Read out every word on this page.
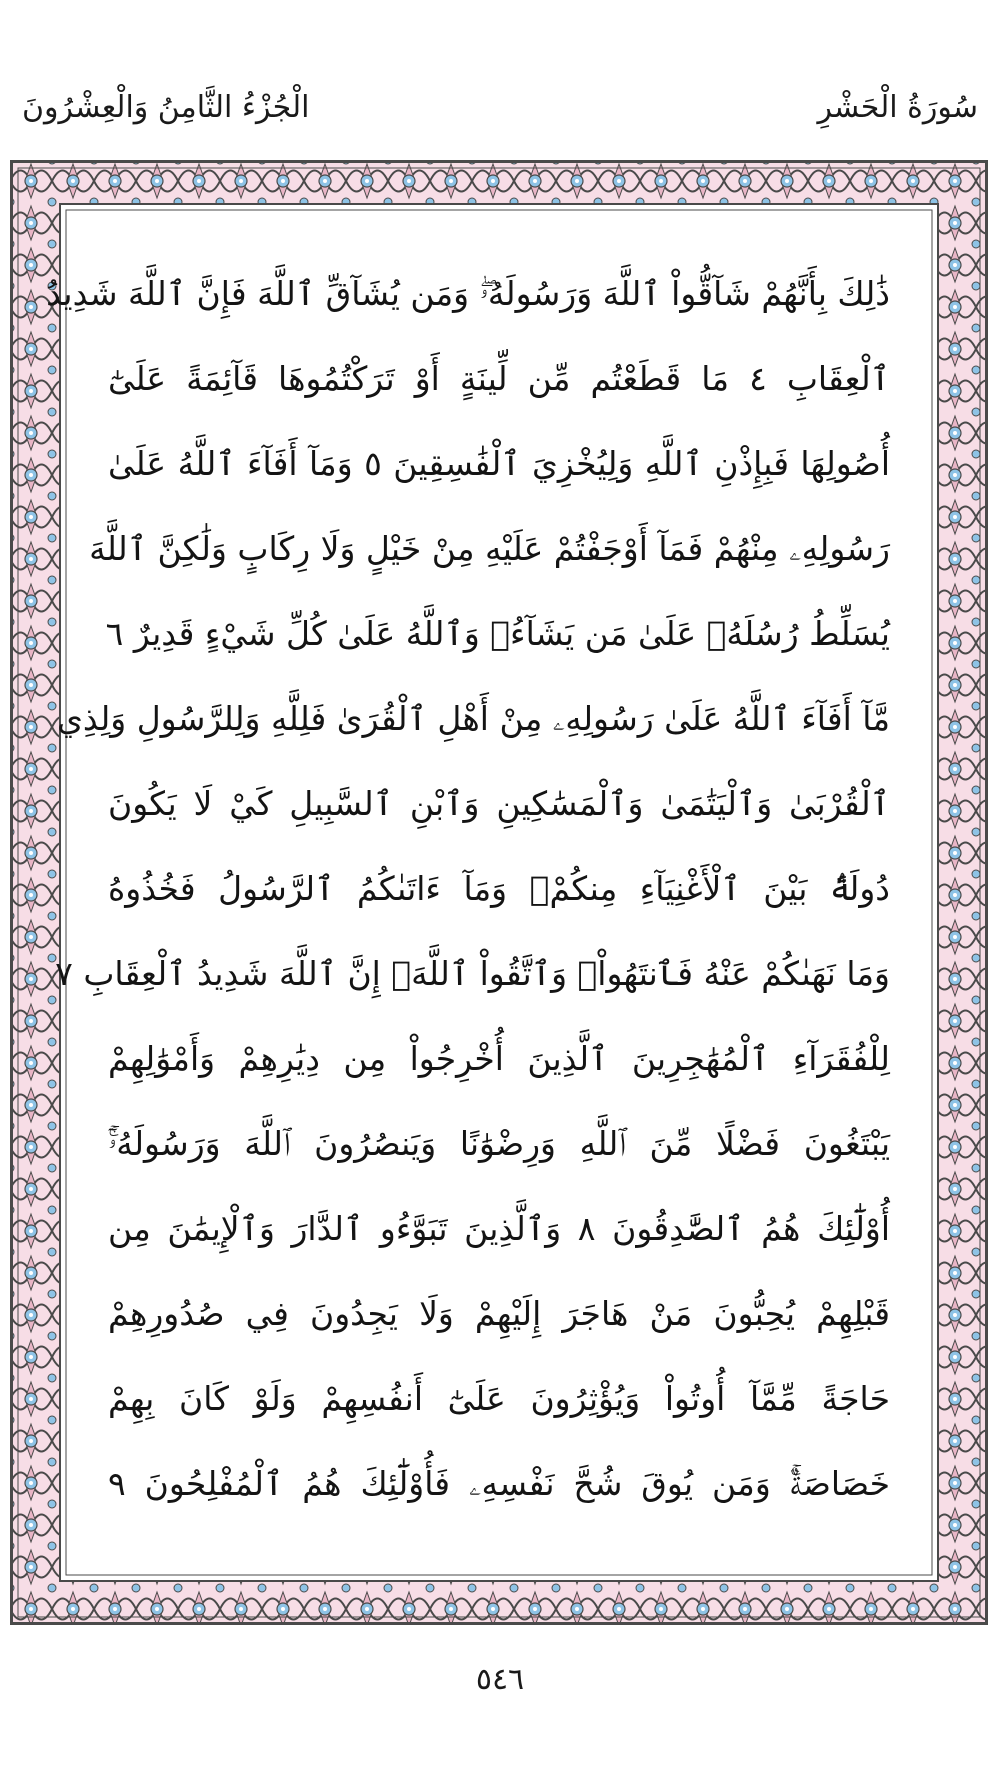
سُورَةُ الْحَشْرِ
الْجُزْءُ الثَّامِنُ وَالْعِشْرُونَ
ذَٰلِكَ بِأَنَّهُمْ شَآقُّواْ ٱللَّهَ وَرَسُولَهُۥۖ وَمَن يُشَآقِّ ٱللَّهَ فَإِنَّ ٱللَّهَ شَدِيدُ
ٱلْعِقَابِ ٤ مَا قَطَعْتُم مِّن لِّينَةٍ أَوْ تَرَكْتُمُوهَا قَآئِمَةً عَلَىٰٓ
أُصُولِهَا فَبِإِذْنِ ٱللَّهِ وَلِيُخْزِيَ ٱلْفَٰسِقِينَ ٥ وَمَآ أَفَآءَ ٱللَّهُ عَلَىٰ
رَسُولِهِۦ مِنْهُمْ فَمَآ أَوْجَفْتُمْ عَلَيْهِ مِنْ خَيْلٍ وَلَا رِكَابٍ وَلَٰكِنَّ ٱللَّهَ
يُسَلِّطُ رُسُلَهُۥ عَلَىٰ مَن يَشَآءُۚ وَٱللَّهُ عَلَىٰ كُلِّ شَيْءٍ قَدِيرٌ ٦
مَّآ أَفَآءَ ٱللَّهُ عَلَىٰ رَسُولِهِۦ مِنْ أَهْلِ ٱلْقُرَىٰ فَلِلَّهِ وَلِلرَّسُولِ وَلِذِي
ٱلْقُرْبَىٰ وَٱلْيَتَٰمَىٰ وَٱلْمَسَٰكِينِ وَٱبْنِ ٱلسَّبِيلِ كَيْ لَا يَكُونَ
دُولَةًۢ بَيْنَ ٱلْأَغْنِيَآءِ مِنكُمْۚ وَمَآ ءَاتَىٰكُمُ ٱلرَّسُولُ فَخُذُوهُ
وَمَا نَهَىٰكُمْ عَنْهُ فَٱنتَهُواْۚ وَٱتَّقُواْ ٱللَّهَۖ إِنَّ ٱللَّهَ شَدِيدُ ٱلْعِقَابِ ٧
لِلْفُقَرَآءِ ٱلْمُهَٰجِرِينَ ٱلَّذِينَ أُخْرِجُواْ مِن دِيَٰرِهِمْ وَأَمْوَٰلِهِمْ
يَبْتَغُونَ فَضْلًا مِّنَ ٱللَّهِ وَرِضْوَٰنًا وَيَنصُرُونَ ٱللَّهَ وَرَسُولَهُۥٓۚ
أُوْلَٰٓئِكَ هُمُ ٱلصَّٰدِقُونَ ٨ وَٱلَّذِينَ تَبَوَّءُو ٱلدَّارَ وَٱلْإِيمَٰنَ مِن
قَبْلِهِمْ يُحِبُّونَ مَنْ هَاجَرَ إِلَيْهِمْ وَلَا يَجِدُونَ فِي صُدُورِهِمْ
حَاجَةً مِّمَّآ أُوتُواْ وَيُؤْثِرُونَ عَلَىٰٓ أَنفُسِهِمْ وَلَوْ كَانَ بِهِمْ
خَصَاصَةٌۚ وَمَن يُوقَ شُحَّ نَفْسِهِۦ فَأُوْلَٰٓئِكَ هُمُ ٱلْمُفْلِحُونَ ٩
٥٤٦
